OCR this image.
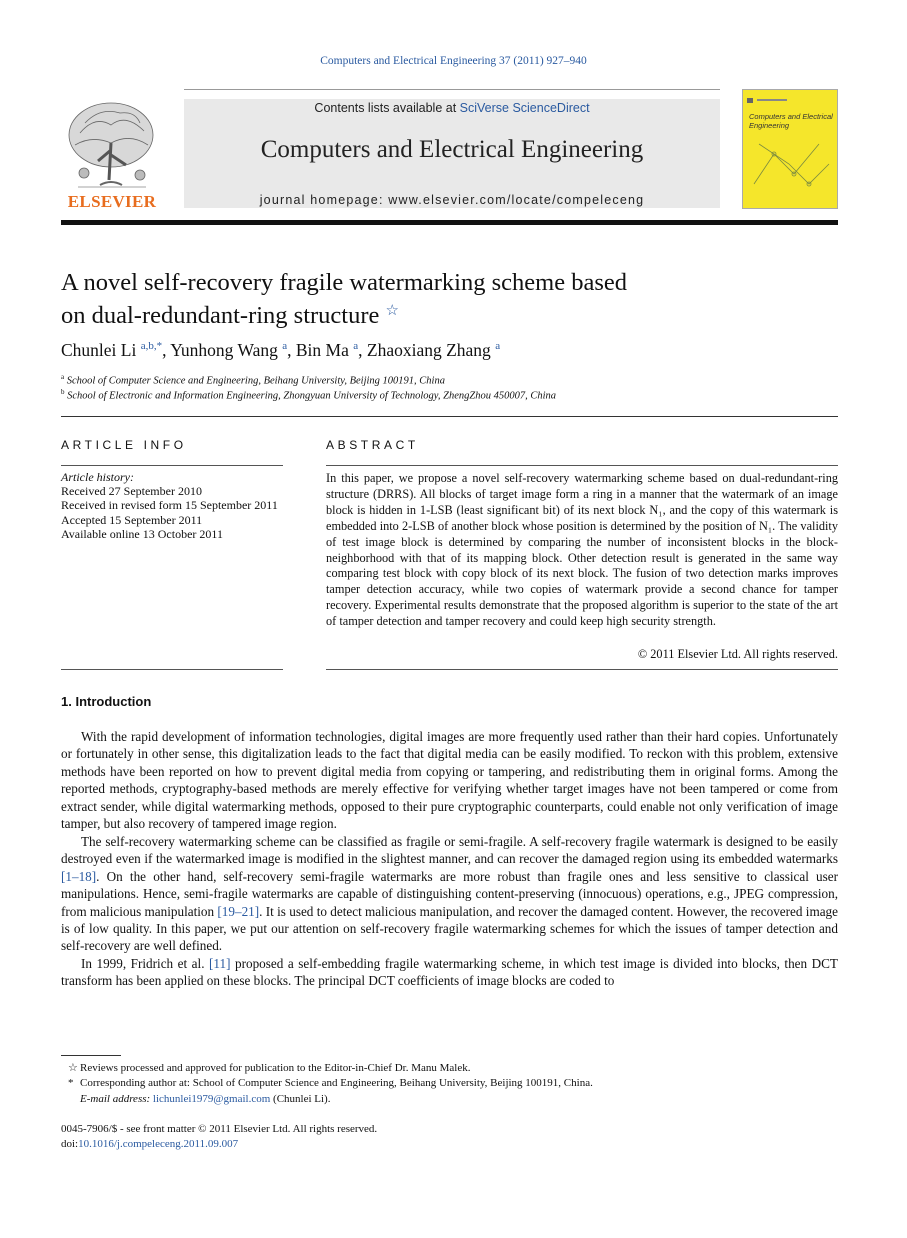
Computers and Electrical Engineering 37 (2011) 927–940
ELSEVIER
Contents lists available at SciVerse ScienceDirect
Computers and Electrical Engineering
journal homepage: www.elsevier.com/locate/compeleceng
Computers and Electrical Engineering
A novel self-recovery fragile watermarking scheme based
on dual-redundant-ring structure ☆
Chunlei Li $^{a,b,*}$, Yunhong Wang $^a$, Bin Ma $^a$, Zhaoxiang Zhang $^a$
$^a$ School of Computer Science and Engineering, Beihang University, Beijing 100191, China
$^b$ School of Electronic and Information Engineering, Zhongyuan University of Technology, ZhengZhou 450007, China
ARTICLE INFO
Article history:
Received 27 September 2010
Received in revised form 15 September 2011
Accepted 15 September 2011
Available online 13 October 2011
ABSTRACT
In this paper, we propose a novel self-recovery watermarking scheme based on dual-redundant-ring structure (DRRS). All blocks of target image form a ring in a manner that the watermark of an image block is hidden in 1-LSB (least significant bit) of its next block N₁, and the copy of this watermark is embedded into 2-LSB of another block whose position is determined by the position of N₁. The validity of test image block is determined by comparing the number of inconsistent blocks in the block-neighborhood with that of its mapping block. Other detection result is generated in the same way comparing test block with copy block of its next block. The fusion of two detection marks improves tamper detection accuracy, while two copies of watermark provide a second chance for tamper recovery. Experimental results demonstrate that the proposed algorithm is superior to the state of the art of tamper detection and tamper recovery and could keep high security strength.
© 2011 Elsevier Ltd. All rights reserved.
1. Introduction

With the rapid development of information technologies, digital images are more frequently used rather than their hard copies. Unfortunately or fortunately in other sense, this digitalization leads to the fact that digital media can be easily modified. To reckon with this problem, extensive methods have been reported on how to prevent digital media from copying or tampering, and redistributing them in original forms. Among the reported methods, cryptography-based methods are merely effective for verifying whether target images have not been tampered or come from extract sender, while digital watermarking methods, opposed to their pure cryptographic counterparts, could enable not only verification of image tamper, but also recovery of tampered image region.

The self-recovery watermarking scheme can be classified as fragile or semi-fragile. A self-recovery fragile watermark is designed to be easily destroyed even if the watermarked image is modified in the slightest manner, and can recover the damaged region using its embedded watermarks [1–18]. On the other hand, self-recovery semi-fragile watermarks are more robust than fragile ones and less sensitive to classical user manipulations. Hence, semi-fragile watermarks are capable of distinguishing content-preserving (innocuous) operations, e.g., JPEG compression, from malicious manipulation [19–21]. It is used to detect malicious manipulation, and recover the damaged content. However, the recovered image is of low quality. In this paper, we put our attention on self-recovery fragile watermarking schemes for which the issues of tamper detection and self-recovery are well defined.

In 1999, Fridrich et al. [11] proposed a self-embedding fragile watermarking scheme, in which test image is divided into blocks, then DCT transform has been applied on these blocks. The principal DCT coefficients of image blocks are coded to

☆ Reviews processed and approved for publication to the Editor-in-Chief Dr. Manu Malek.
* Corresponding author at: School of Computer Science and Engineering, Beihang University, Beijing 100191, China.
E-mail address: lichunlei1979@gmail.com (Chunlei Li).
0045-7906/$ - see front matter © 2011 Elsevier Ltd. All rights reserved.
doi:10.1016/j.compeleceng.2011.09.007
